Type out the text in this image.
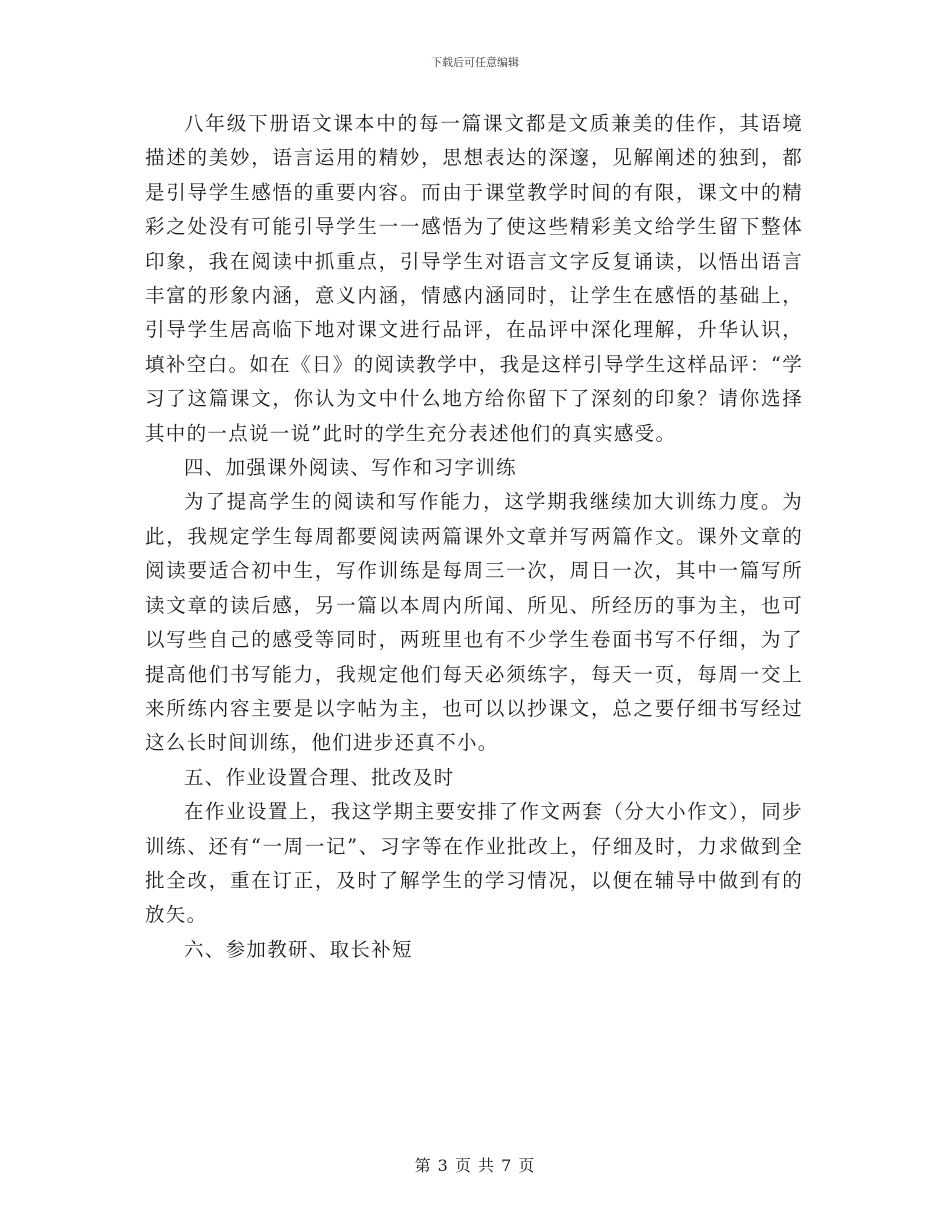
下载后可任意编辑

八年级下册语文课本中的每一篇课文都是文质兼美的佳作，其语境描述的美妙，语言运用的精妙，思想表达的深邃，见解阐述的独到，都是引导学生感悟的重要内容。而由于课堂教学时间的有限，课文中的精彩之处没有可能引导学生一一感悟为了使这些精彩美文给学生留下整体印象，我在阅读中抓重点，引导学生对语言文字反复诵读，以悟出语言丰富的形象内涵，意义内涵，情感内涵同时，让学生在感悟的基础上，引导学生居高临下地对课文进行品评，在品评中深化理解，升华认识，填补空白。如在《日》的阅读教学中，我是这样引导学生这样品评：“学习了这篇课文，你认为文中什么地方给你留下了深刻的印象？请你选择其中的一点说一说”此时的学生充分表述他们的真实感受。

四、加强课外阅读、写作和习字训练

为了提高学生的阅读和写作能力，这学期我继续加大训练力度。为此，我规定学生每周都要阅读两篇课外文章并写两篇作文。课外文章的阅读要适合初中生，写作训练是每周三一次，周日一次，其中一篇写所读文章的读后感，另一篇以本周内所闻、所见、所经历的事为主，也可以写些自己的感受等同时，两班里也有不少学生卷面书写不仔细，为了提高他们书写能力，我规定他们每天必须练字，每天一页，每周一交上来所练内容主要是以字帖为主，也可以以抄课文，总之要仔细书写经过这么长时间训练，他们进步还真不小。

五、作业设置合理、批改及时

在作业设置上，我这学期主要安排了作文两套（分大小作文），同步训练、还有“一周一记”、习字等在作业批改上，仔细及时，力求做到全批全改，重在订正，及时了解学生的学习情况，以便在辅导中做到有的放矢。

六、参加教研、取长补短

第 3 页 共 7 页
